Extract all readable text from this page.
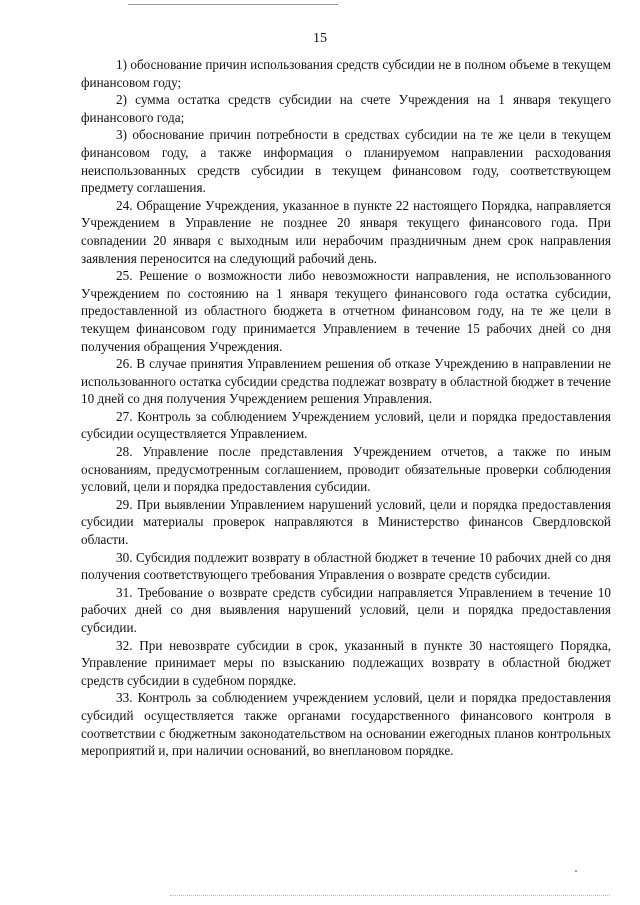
15

1) обоснование причин использования средств субсидии не в полном объеме в текущем финансовом году;

2) сумма остатка средств субсидии на счете Учреждения на 1 января текущего финансового года;

3) обоснование причин потребности в средствах субсидии на те же цели в текущем финансовом году, а также информация о планируемом направлении расходования неиспользованных средств субсидии в текущем финансовом году, соответствующем предмету соглашения.

24. Обращение Учреждения, указанное в пункте 22 настоящего Порядка, направляется Учреждением в Управление не позднее 20 января текущего финансового года. При совпадении 20 января с выходным или нерабочим праздничным днем срок направления заявления переносится на следующий рабочий день.

25. Решение о возможности либо невозможности направления, не использованного Учреждением по состоянию на 1 января текущего финансового года остатка субсидии, предоставленной из областного бюджета в отчетном финансовом году, на те же цели в текущем финансовом году принимается Управлением в течение 15 рабочих дней со дня получения обращения Учреждения.

26. В случае принятия Управлением решения об отказе Учреждению в направлении не использованного остатка субсидии средства подлежат возврату в областной бюджет в течение 10 дней со дня получения Учреждением решения Управления.

27. Контроль за соблюдением Учреждением условий, цели и порядка предоставления субсидии осуществляется Управлением.

28. Управление после представления Учреждением отчетов, а также по иным основаниям, предусмотренным соглашением, проводит обязательные проверки соблюдения условий, цели и порядка предоставления субсидии.

29. При выявлении Управлением нарушений условий, цели и порядка предоставления субсидии материалы проверок направляются в Министерство финансов Свердловской области.

30. Субсидия подлежит возврату в областной бюджет в течение 10 рабочих дней со дня получения соответствующего требования Управления о возврате средств субсидии.

31. Требование о возврате средств субсидии направляется Управлением в течение 10 рабочих дней со дня выявления нарушений условий, цели и порядка предоставления субсидии.

32. При невозврате субсидии в срок, указанный в пункте 30 настоящего Порядка, Управление принимает меры по взысканию подлежащих возврату в областной бюджет средств субсидии в судебном порядке.

33. Контроль за соблюдением учреждением условий, цели и порядка предоставления субсидий осуществляется также органами государственного финансового контроля в соответствии с бюджетным законодательством на основании ежегодных планов контрольных мероприятий и, при наличии оснований, во внеплановом порядке.
